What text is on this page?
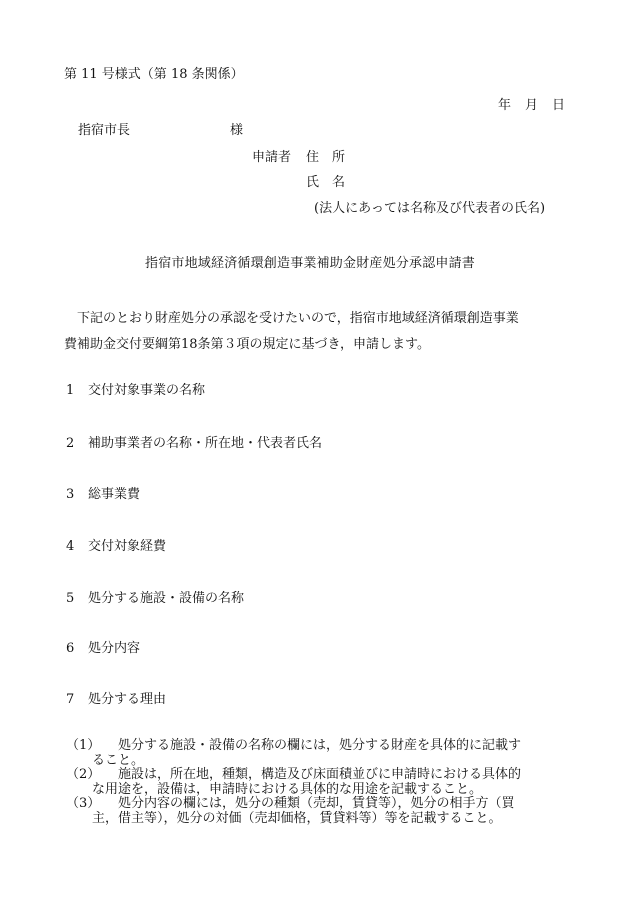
第 11 号様式（第 18 条関係）
年 月 日
指宿市長	様
申請者 住　所
氏　名
(法人にあっては名称及び代表者の氏名)
指宿市地域経済循環創造事業補助金財産処分承認申請書

　下記のとおり財産処分の承認を受けたいので，指宿市地域経済循環創造事業

費補助金交付要綱第18条第３項の規定に基づき，申請します。

1 交付対象事業の名称
2 補助事業者の名称・所在地・代表者氏名
3 総事業費
4 交付対象経費
5 処分する施設・設備の名称
6 処分内容
7 処分する理由
（1） 処分する施設・設備の名称の欄には，処分する財産を具体的に記載す
ること。
（2） 施設は，所在地，種類，構造及び床面積並びに申請時における具体的
な用途を，設備は，申請時における具体的な用途を記載すること。
（3） 処分内容の欄には，処分の種類（売却，賃貸等），処分の相手方（買
主，借主等），処分の対価（売却価格，賃貸料等）等を記載すること。
